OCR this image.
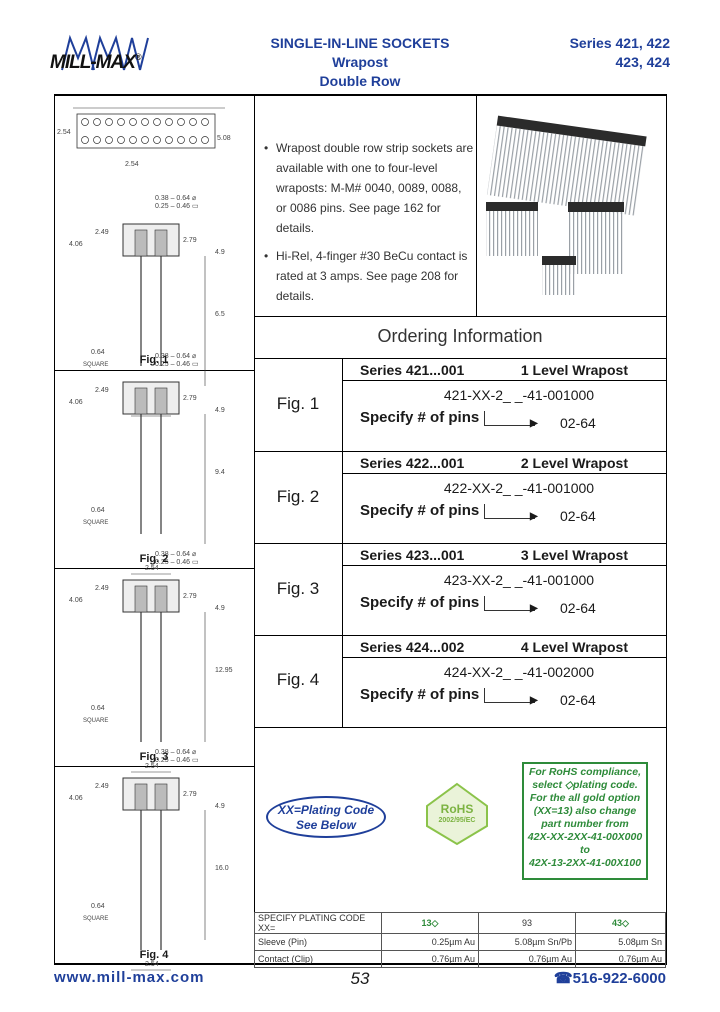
MILL-MAX®
SINGLE-IN-LINE SOCKETS
Wrapost
Double Row
Series 421, 422
423, 424
• Wrapost double row strip sockets are available with one to four-level wraposts: M-M# 0040, 0089, 0088, or 0086 pins. See page 162 for details.
• Hi-Rel, 4-finger #30 BeCu contact is rated at 3 amps. See page 208 for details.
Ordering Information
Fig. 1
Series 421...001	1 Level Wrapost
421-XX-2_ _-41-001000
Specify # of pins	▶ 02-64
Fig. 2
Series 422...001	2 Level Wrapost
422-XX-2_ _-41-001000
Specify # of pins	▶ 02-64
Fig. 3
Series 423...001	3 Level Wrapost
423-XX-2_ _-41-001000
Specify # of pins	▶ 02-64
Fig. 4
Series 424...002	4 Level Wrapost
424-XX-2_ _-41-002000
Specify # of pins	▶ 02-64
XX=Plating Code
See Below
RoHS
2002/95/EC
For RoHS compliance,
select ◇plating code.
For the all gold option
(XX=13) also change
part number from
42X-XX-2XX-41-00X000
to
42X-13-2XX-41-00X100
SPECIFY PLATING CODE XX=	13◇	93	43◇
Sleeve (Pin)	0.25µm Au	5.08µm Sn/Pb	5.08µm Sn
Contact (Clip)	0.76µm Au	0.76µm Au	0.76µm Au
2.54
5.08
2.54
0.38 – 0.64 ⌀
0.25 – 0.46 ▭
2.49
4.06
2.79
4.9
6.5
0.64
SQUARE
0.38 – 0.64 ⌀
0.25 – 0.46 ▭
2.49
4.06
2.79
4.9
9.4
0.64
SQUARE
2.54
0.38 – 0.64 ⌀
0.25 – 0.46 ▭
2.49
4.06
2.79
4.9
12.95
0.64
SQUARE
2.54
0.38 – 0.64 ⌀
0.25 – 0.46 ▭
2.49
4.06
2.79
4.9
16.0
0.64
SQUARE
2.54
Fig. 1
Fig. 2
Fig. 3
Fig. 4
www.mill-max.com	53	☎516-922-6000
